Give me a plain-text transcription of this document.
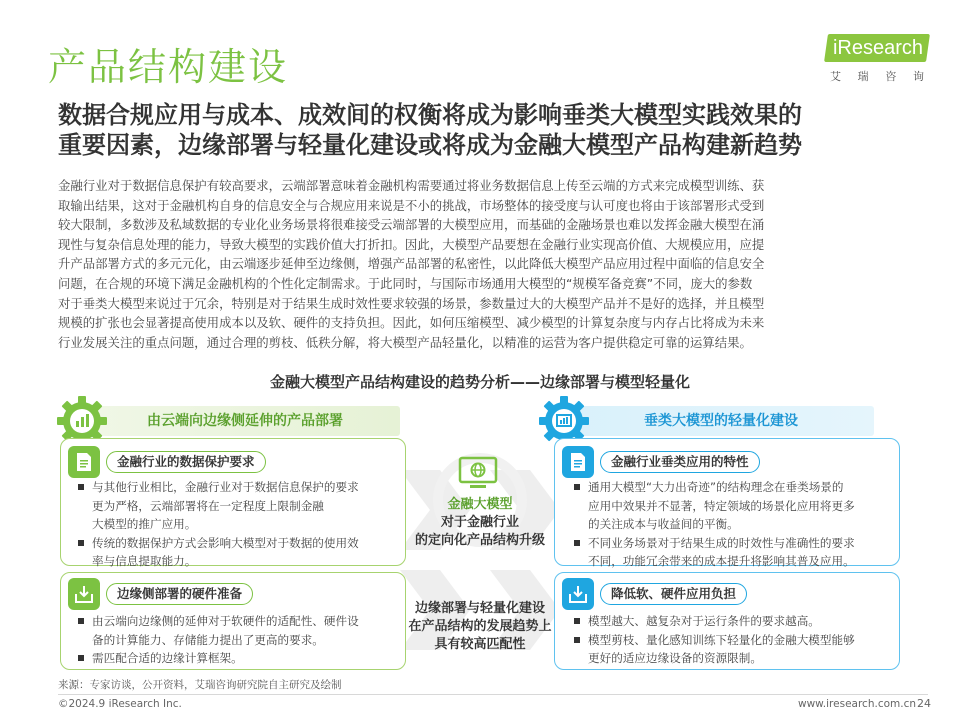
产品结构建设	iResearch
艾 瑞 咨 询
数据合规应用与成本、成效间的权衡将成为影响垂类大模型实践效果的
重要因素，边缘部署与轻量化建设或将成为金融大模型产品构建新趋势
金融行业对于数据信息保护有较高要求，云端部署意味着金融机构需要通过将业务数据信息上传至云端的方式来完成模型训练、获
取输出结果，这对于金融机构自身的信息安全与合规应用来说是不小的挑战，市场整体的接受度与认可度也将由于该部署形式受到
较大限制，多数涉及私域数据的专业化业务场景将很难接受云端部署的大模型应用，而基础的金融场景也难以发挥金融大模型在涌
现性与复杂信息处理的能力，导致大模型的实践价值大打折扣。因此，大模型产品要想在金融行业实现高价值、大规模应用，应提
升产品部署方式的多元元化，由云端逐步延伸至边缘侧，增强产品部署的私密性，以此降低大模型产品应用过程中面临的信息安全
问题，在合规的环境下满足金融机构的个性化定制需求。于此同时，与国际市场通用大模型的“规模军备竞赛”不同，庞大的参数
对于垂类大模型来说过于冗余，特别是对于结果生成时效性要求较强的场景，参数量过大的大模型产品并不是好的选择，并且模型
规模的扩张也会显著提高使用成本以及软、硬件的支持负担。因此，如何压缩模型、减少模型的计算复杂度与内存占比将成为未来
行业发展关注的重点问题，通过合理的剪枝、低秩分解，将大模型产品轻量化，以精准的运营为客户提供稳定可靠的运算结果。
金融大模型产品结构建设的趋势分析——边缘部署与模型轻量化
金融大模型
对于金融行业
的定向化产品结构升级
边缘部署与轻量化建设
在产品结构的发展趋势上
具有较高匹配性
由云端向边缘侧延伸的产品部署	垂类大模型的轻量化建设
金融行业的数据保护要求
与其他行业相比，金融行业对于数据信息保护的要求
更为严格，云端部署将在一定程度上限制金融
大模型的推广应用。
传统的数据保护方式会影响大模型对于数据的使用效
率与信息提取能力。
边缘侧部署的硬件准备
由云端向边缘侧的延伸对于软硬件的适配性、硬件设
备的计算能力、存储能力提出了更高的要求。
需匹配合适的边缘计算框架。
金融行业垂类应用的特性
通用大模型“大力出奇迹”的结构理念在垂类场景的
应用中效果并不显著，特定领域的场景化应用将更多
的关注成本与收益间的平衡。
不同业务场景对于结果生成的时效性与准确性的要求
不同，功能冗余带来的成本提升将影响其普及应用。
降低软、硬件应用负担
模型越大、越复杂对于运行条件的要求越高。
模型剪枝、量化感知训练下轻量化的金融大模型能够
更好的适应边缘设备的资源限制。
来源：专家访谈，公开资料，艾瑞咨询研究院自主研究及绘制
©2024.9 iResearch Inc.	www.iresearch.com.cn 24
